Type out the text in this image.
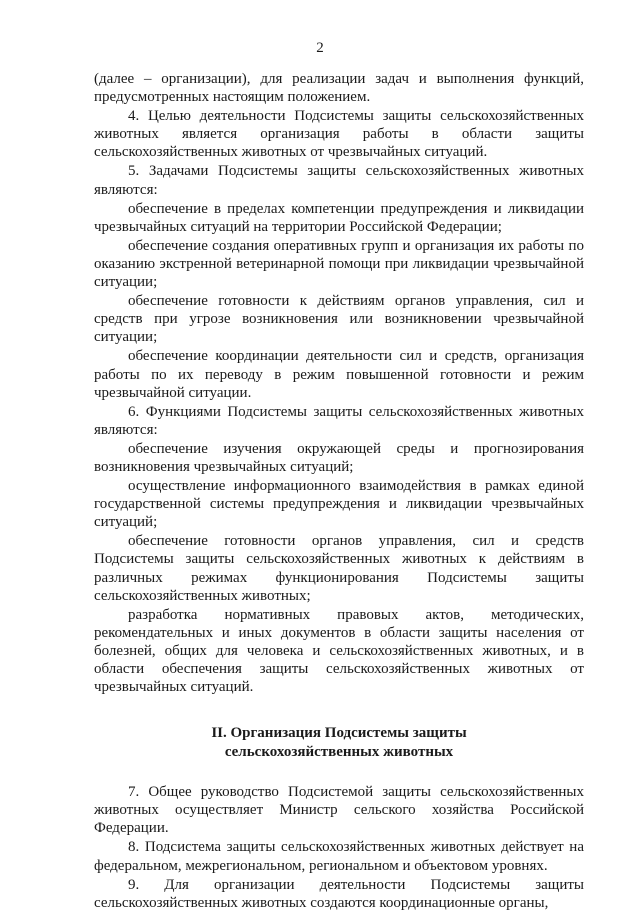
2

(далее – организации), для реализации задач и выполнения функций, предусмотренных настоящим положением.

4. Целью деятельности Подсистемы защиты сельскохозяйственных животных является организация работы в области защиты сельскохозяйственных животных от чрезвычайных ситуаций.

5. Задачами Подсистемы защиты сельскохозяйственных животных являются:

обеспечение в пределах компетенции предупреждения и ликвидации чрезвычайных ситуаций на территории Российской Федерации;

обеспечение создания оперативных групп и организация их работы по оказанию экстренной ветеринарной помощи при ликвидации чрезвычайной ситуации;

обеспечение готовности к действиям органов управления, сил и средств при угрозе возникновения или возникновении чрезвычайной ситуации;

обеспечение координации деятельности сил и средств, организация работы по их переводу в режим повышенной готовности и режим чрезвычайной ситуации.

6. Функциями Подсистемы защиты сельскохозяйственных животных являются:

обеспечение изучения окружающей среды и прогнозирования возникновения чрезвычайных ситуаций;

осуществление информационного взаимодействия в рамках единой государственной системы предупреждения и ликвидации чрезвычайных ситуаций;

обеспечение готовности органов управления, сил и средств Подсистемы защиты сельскохозяйственных животных к действиям в различных режимах функционирования Подсистемы защиты сельскохозяйственных животных;

разработка нормативных правовых актов, методических, рекомендательных и иных документов в области защиты населения от болезней, общих для человека и сельскохозяйственных животных, и в области обеспечения защиты сельскохозяйственных животных от чрезвычайных ситуаций.

II. Организация Подсистемы защиты
сельскохозяйственных животных

7. Общее руководство Подсистемой защиты сельскохозяйственных животных осуществляет Министр сельского хозяйства Российской Федерации.

8. Подсистема защиты сельскохозяйственных животных действует на федеральном, межрегиональном, региональном и объектовом уровнях.

9. Для организации деятельности Подсистемы защиты сельскохозяйственных животных создаются координационные органы,
